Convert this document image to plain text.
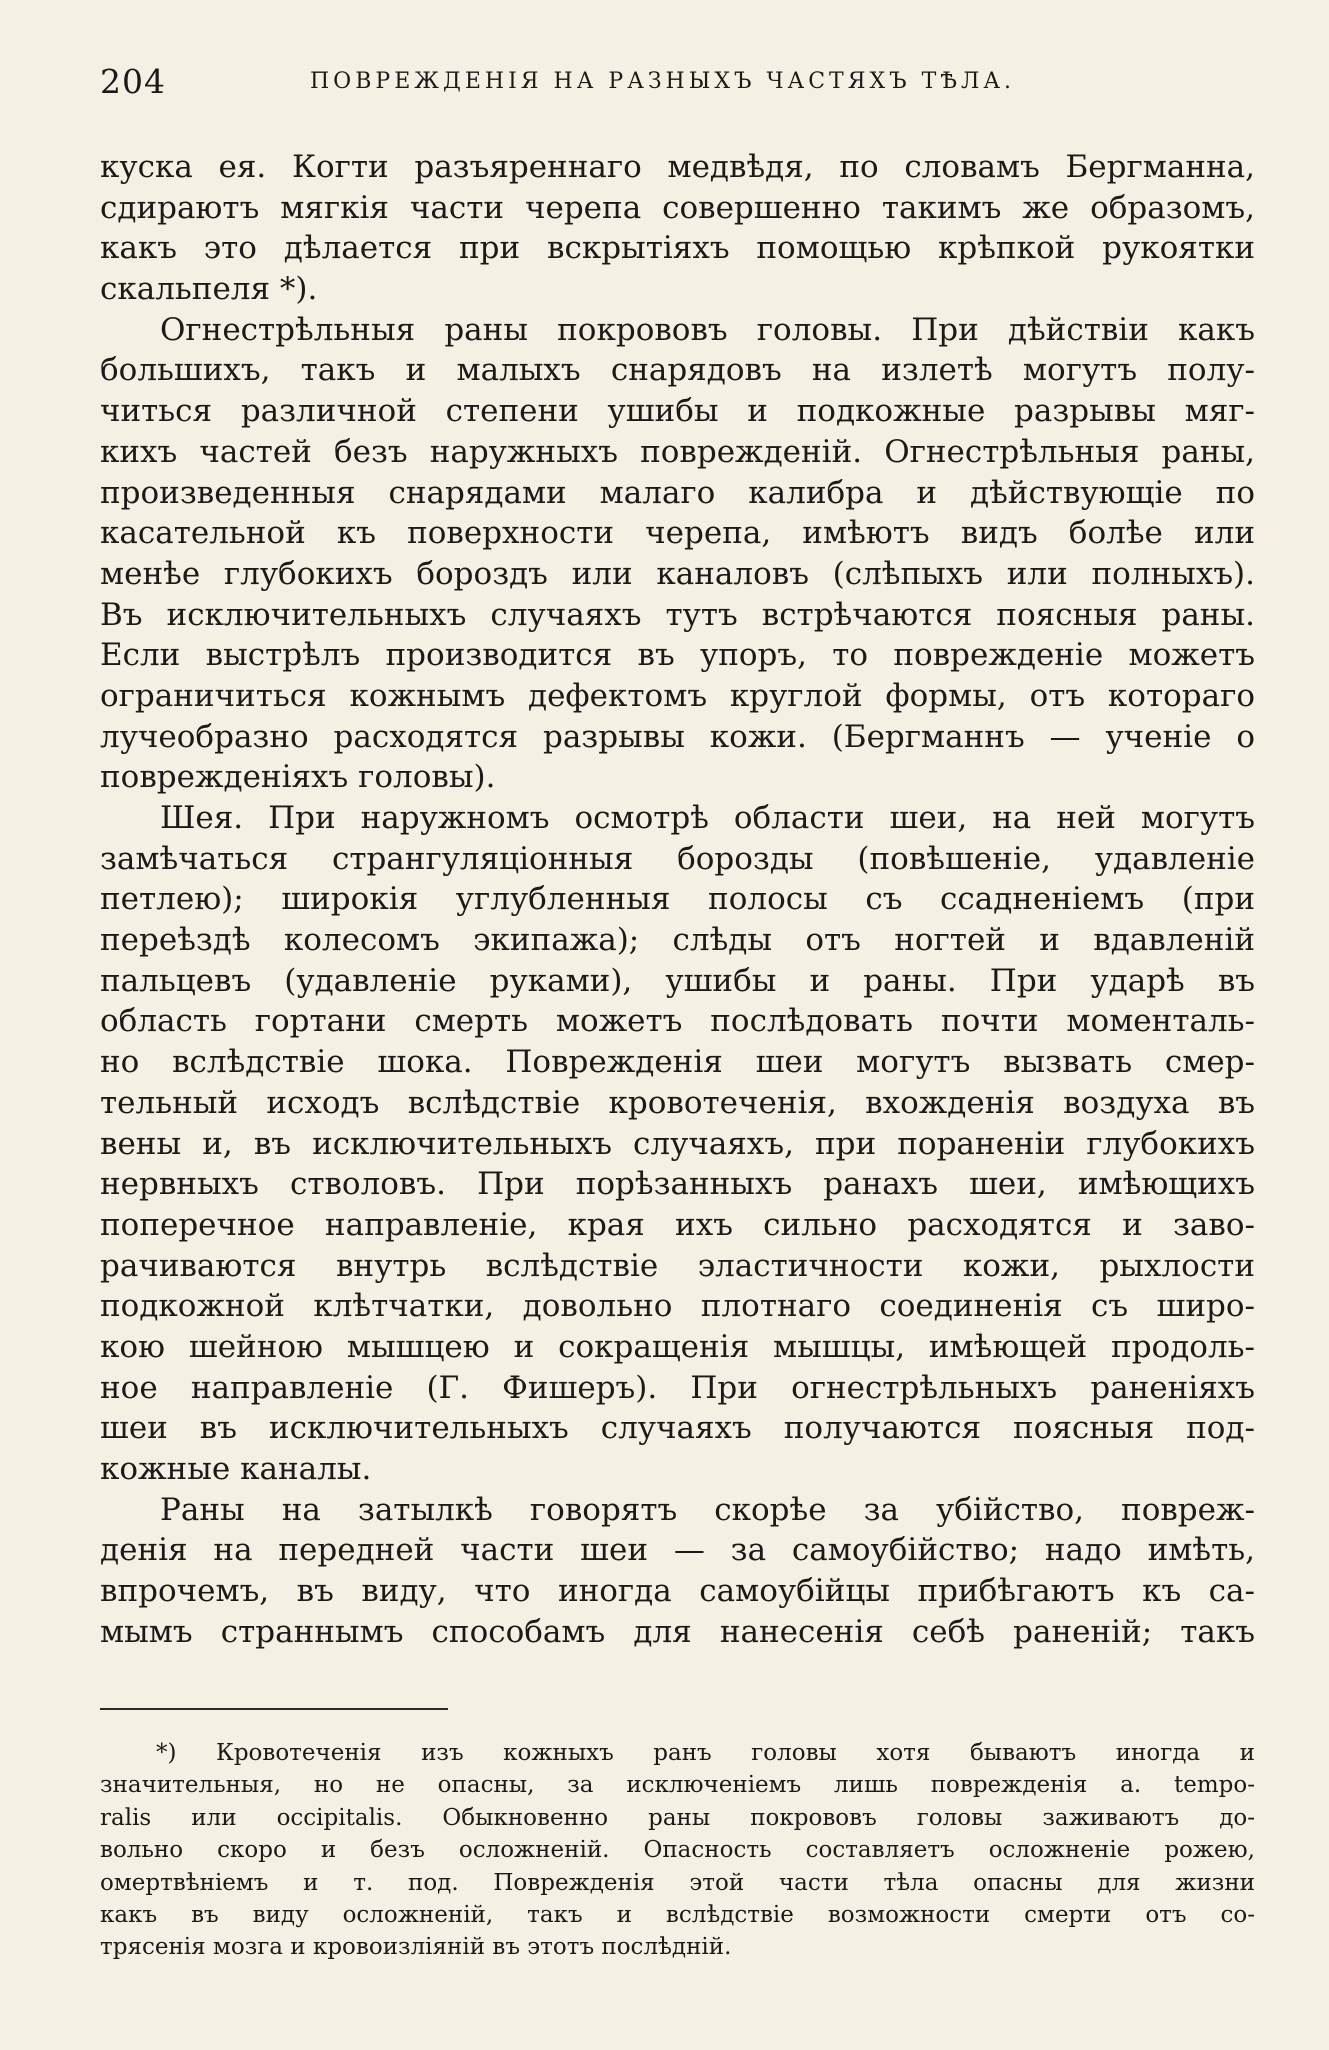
204	ПОВРЕЖДЕНІЯ НА РАЗНЫХЪ ЧАСТЯХЪ ТѢЛА.
куска ея. Когти разъяреннаго медвѣдя, по словамъ Бергманна,
сдираютъ мягкія части черепа совершенно такимъ же образомъ,
какъ это дѣлается при вскрытіяхъ помощью крѣпкой рукоятки
скальпеля *).
Огнестрѣльныя раны покрововъ головы. При дѣйствіи какъ
большихъ, такъ и малыхъ снарядовъ на излетѣ могутъ полу-
читься различной степени ушибы и подкожные разрывы мяг-
кихъ частей безъ наружныхъ поврежденій. Огнестрѣльныя раны,
произведенныя снарядами малаго калибра и дѣйствующіе по
касательной къ поверхности черепа, имѣютъ видъ болѣе или
менѣе глубокихъ бороздъ или каналовъ (слѣпыхъ или полныхъ).
Въ исключительныхъ случаяхъ тутъ встрѣчаются поясныя раны.
Если выстрѣлъ производится въ упоръ, то поврежденіе можетъ
ограничиться кожнымъ дефектомъ круглой формы, отъ котораго
лучеобразно расходятся разрывы кожи. (Бергманнъ — ученіе о
поврежденіяхъ головы).
Шея. При наружномъ осмотрѣ области шеи, на ней могутъ
замѣчаться странгуляціонныя борозды (повѣшеніе, удавленіе
петлею); широкія углубленныя полосы съ ссадненіемъ (при
переѣздѣ колесомъ экипажа); слѣды отъ ногтей и вдавленій
пальцевъ (удавленіе руками), ушибы и раны. При ударѣ въ
область гортани смерть можетъ послѣдовать почти моменталь-
но вслѣдствіе шока. Поврежденія шеи могутъ вызвать смер-
тельный исходъ вслѣдствіе кровотеченія, вхожденія воздуха въ
вены и, въ исключительныхъ случаяхъ, при пораненіи глубокихъ
нервныхъ стволовъ. При порѣзанныхъ ранахъ шеи, имѣющихъ
поперечное направленіе, края ихъ сильно расходятся и заво-
рачиваются внутрь вслѣдствіе эластичности кожи, рыхлости
подкожной клѣтчатки, довольно плотнаго соединенія съ широ-
кою шейною мышцею и сокращенія мышцы, имѣющей продоль-
ное направленіе (Г. Фишеръ). При огнестрѣльныхъ раненіяхъ
шеи въ исключительныхъ случаяхъ получаются поясныя под-
кожные каналы.
Раны на затылкѣ говорятъ скорѣе за убійство, повреж-
денія на передней части шеи — за самоубійство; надо имѣть,
впрочемъ, въ виду, что иногда самоубійцы прибѣгаютъ къ са-
мымъ страннымъ способамъ для нанесенія себѣ раненій; такъ
*) Кровотеченія изъ кожныхъ ранъ головы хотя бываютъ иногда и
значительныя, но не опасны, за исключеніемъ лишь поврежденія a. tempo-
ralis или occipitalis. Обыкновенно раны покрововъ головы заживаютъ до-
вольно скоро и безъ осложненій. Опасность составляетъ осложненіе рожею,
омертвѣніемъ и т. под. Поврежденія этой части тѣла опасны для жизни
какъ въ виду осложненій, такъ и вслѣдствіе возможности смерти отъ со-
трясенія мозга и кровоизліяній въ этотъ послѣдній.
